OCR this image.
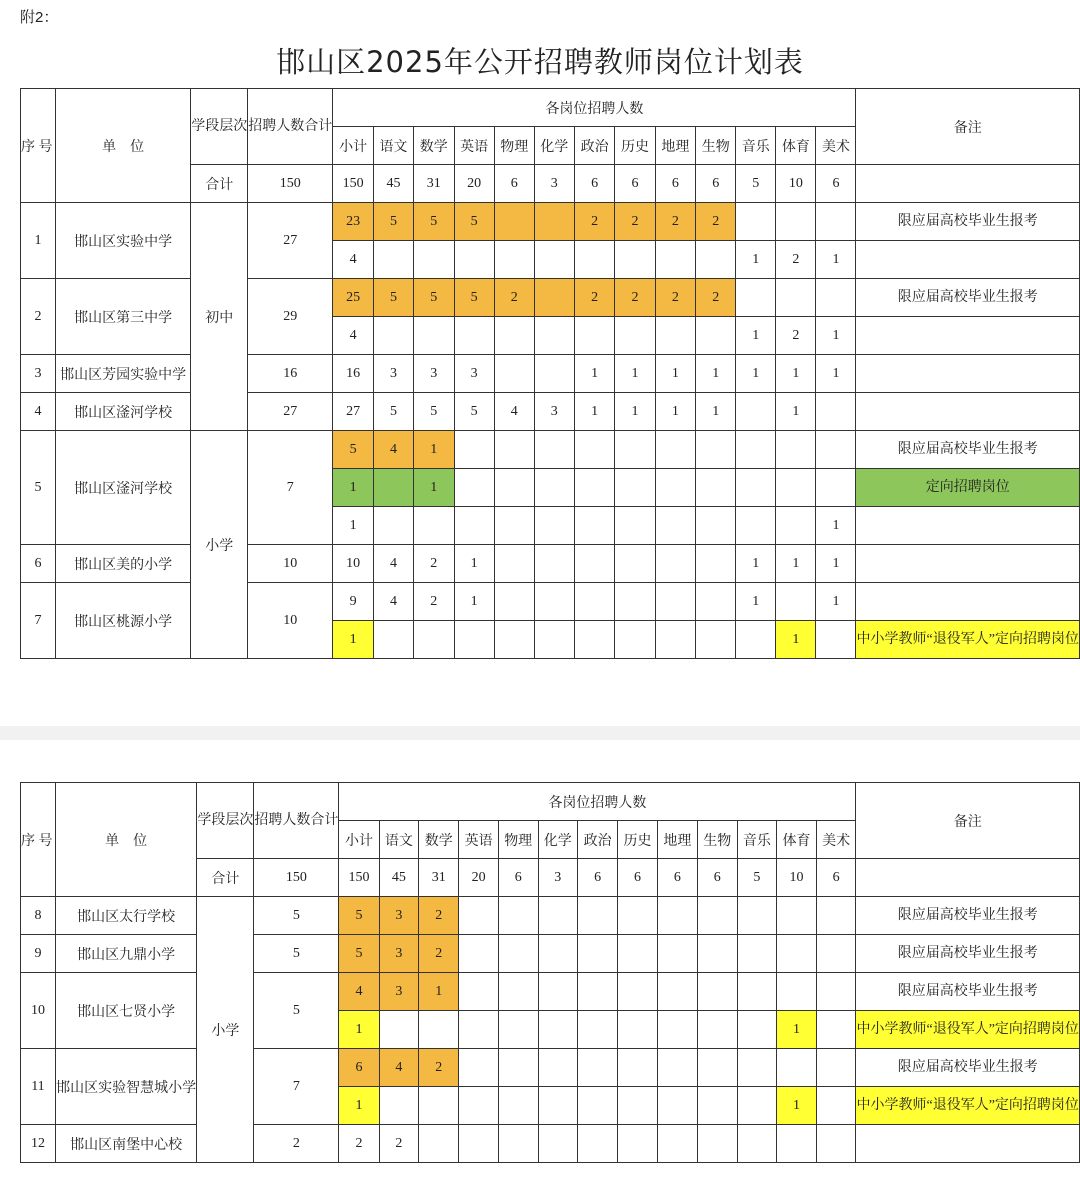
附2：
邯山区2025年公开招聘教师岗位计划表
序 号	单　位	学段层次	招聘人数合计	各岗位招聘人数													备注
				小计	语文	数学	英语	物理	化学	政治	历史	地理	生物	音乐	体育	美术	
		合计	150	150	45	31	20	6	3	6	6	6	6	5	10	6	
1	邯山区实验中学	初中	27	23	5	5	5			2	2	2	2				限应届高校毕业生报考
				4										1	2	1	
2	邯山区第三中学		29	25	5	5	5	2		2	2	2	2				限应届高校毕业生报考
				4										1	2	1	
3	邯山区芳园实验中学		16	16	3	3	3			1	1	1	1	1	1	1	
4	邯山区滏河学校		27	27	5	5	5	4	3	1	1	1	1		1		
5	邯山区滏河学校	小学	7	5	4	1											限应届高校毕业生报考
				1		1											定向招聘岗位
				1												1	
6	邯山区美的小学		10	10	4	2	1							1	1	1	
7	邯山区桃源小学		10	9	4	2	1							1		1	
				1											1		中小学教师“退役军人”定向招聘岗位
序 号	单　位	学段层次	招聘人数合计	各岗位招聘人数													备注
				小计	语文	数学	英语	物理	化学	政治	历史	地理	生物	音乐	体育	美术	
		合计	150	150	45	31	20	6	3	6	6	6	6	5	10	6	
8	邯山区太行学校	小学	5	5	3	2											限应届高校毕业生报考
9	邯山区九鼎小学		5	5	3	2											限应届高校毕业生报考
10	邯山区七贤小学		5	4	3	1											限应届高校毕业生报考
				1											1		中小学教师“退役军人”定向招聘岗位
11	邯山区实验智慧城小学		7	6	4	2											限应届高校毕业生报考
				1											1		中小学教师“退役军人”定向招聘岗位
12	邯山区南堡中心校		2	2	2												
